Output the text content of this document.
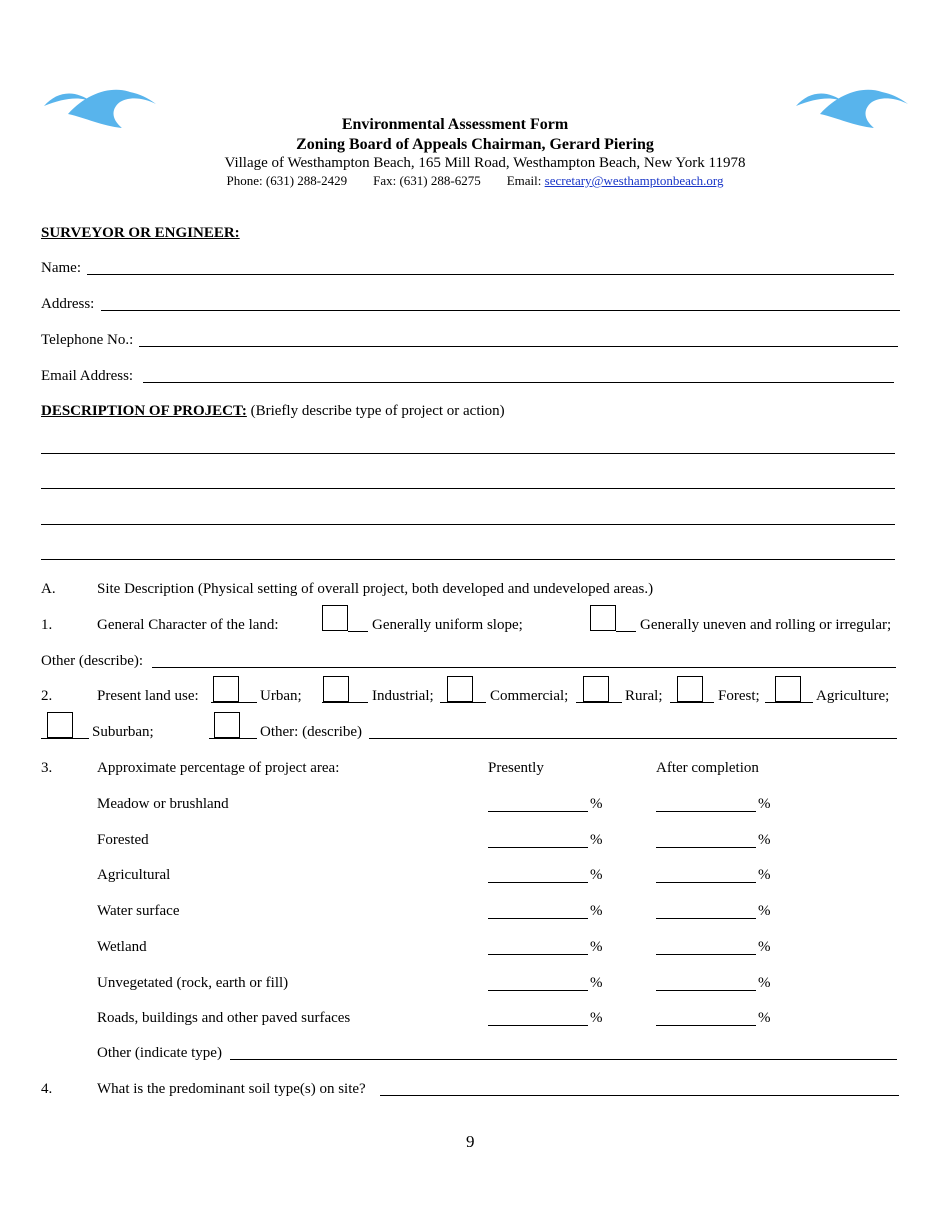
Environmental Assessment Form
Zoning Board of Appeals Chairman, Gerard Piering
Village of Westhampton Beach, 165 Mill Road, Westhampton Beach, New York 11978
Phone: (631) 288-2429 Fax: (631) 288-6275 Email: secretary@westhamptonbeach.org
SURVEYOR OR ENGINEER:
Name:
Address:
Telephone No.:
Email Address:
DESCRIPTION OF PROJECT: (Briefly describe type of project or action)
A.	Site Description (Physical setting of overall project, both developed and undeveloped areas.)
1.	General Character of the land:	Generally uniform slope;	Generally uneven and rolling or irregular;
Other (describe):
2.	Present land use:	Urban;	Industrial;	Commercial;	Rural;	Forest;	Agriculture;
Suburban;	Other: (describe)
3.	Approximate percentage of project area:	Presently	After completion
Meadow or brushland	%	%
Forested	%	%
Agricultural	%	%
Water surface	%	%
Wetland	%	%
Unvegetated (rock, earth or fill)	%	%
Roads, buildings and other paved surfaces	%	%
Other (indicate type)
4.	What is the predominant soil type(s) on site?
9
